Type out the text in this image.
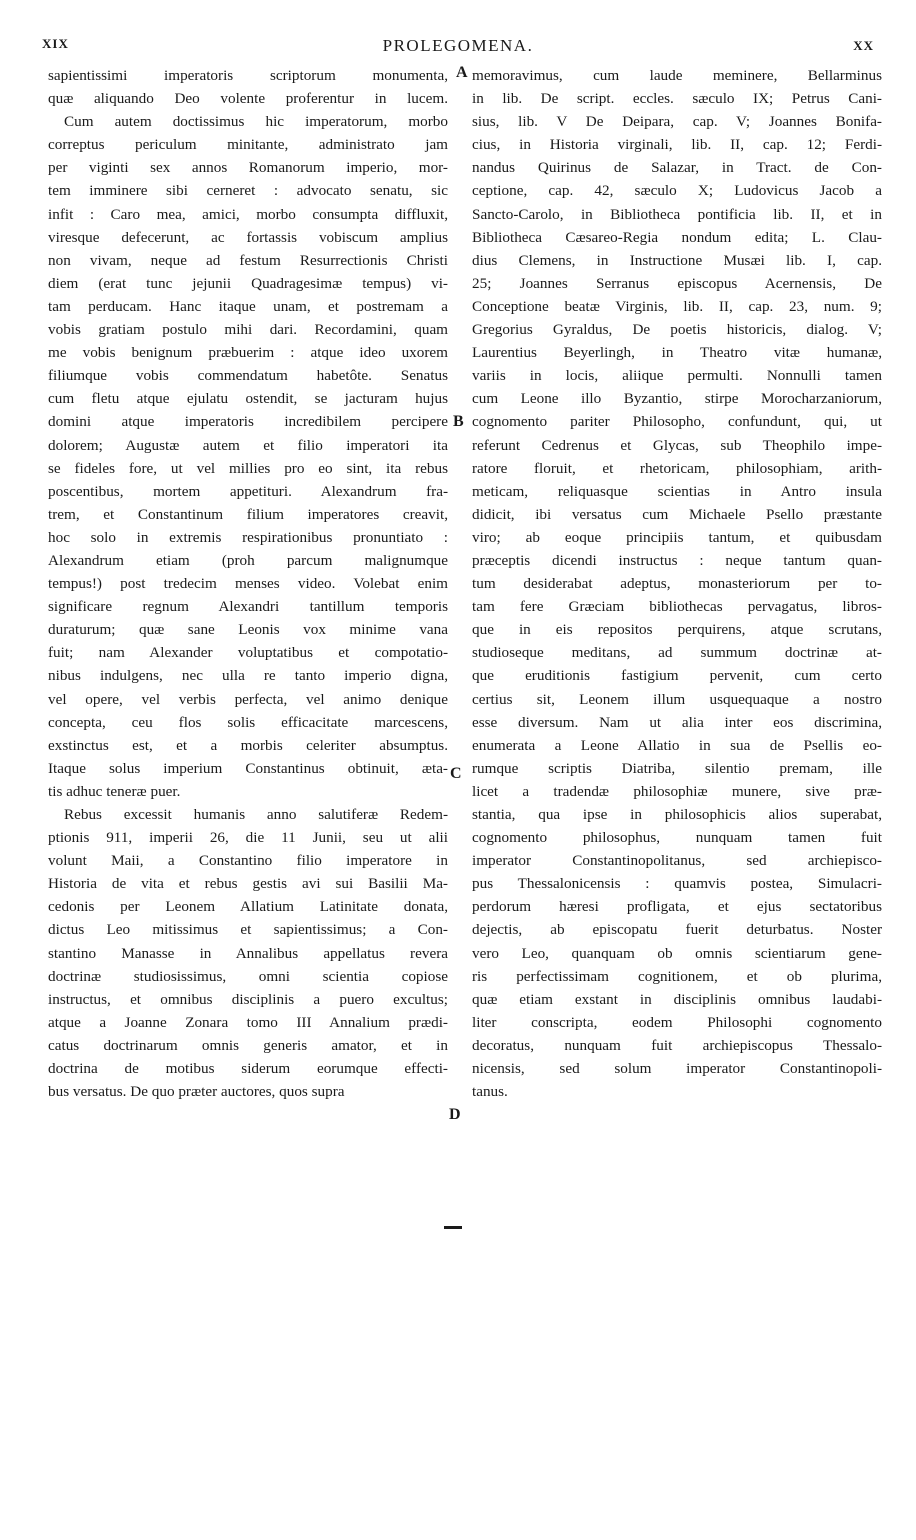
XIX	PROLEGOMENA.	XX
sapientissimi imperatoris scriptorum monumenta,
quæ aliquando Deo volente proferentur in lucem.
Cum autem doctissimus hic imperatorum, morbo
correptus periculum minitante, administrato jam
per viginti sex annos Romanorum imperio, mor-
tem imminere sibi cerneret : advocato senatu, sic
infit : Caro mea, amici, morbo consumpta diffluxit,
viresque defecerunt, ac fortassis vobiscum amplius
non vivam, neque ad festum Resurrectionis Christi
diem (erat tunc jejunii Quadragesimæ tempus) vi-
tam perducam. Hanc itaque unam, et postremam a
vobis gratiam postulo mihi dari. Recordamini, quam
me vobis benignum præbuerim : atque ideo uxorem
filiumque vobis commendatum habetôte. Senatus
cum fletu atque ejulatu ostendit, se jacturam hujus
domini atque imperatoris incredibilem percipere
dolorem; Augustæ autem et filio imperatori ita
se fideles fore, ut vel millies pro eo sint, ita rebus
poscentibus, mortem appetituri. Alexandrum fra-
trem, et Constantinum filium imperatores creavit,
hoc solo in extremis respirationibus pronuntiato :
Alexandrum etiam (proh parcum malignumque
tempus!) post tredecim menses video. Volebat enim
significare regnum Alexandri tantillum temporis
duraturum; quæ sane Leonis vox minime vana
fuit; nam Alexander voluptatibus et compotatio-
nibus indulgens, nec ulla re tanto imperio digna,
vel opere, vel verbis perfecta, vel animo denique
concepta, ceu flos solis efficacitate marcescens,
exstinctus est, et a morbis celeriter absumptus.
Itaque solus imperium Constantinus obtinuit, æta-
tis adhuc teneræ puer.
Rebus excessit humanis anno salutiferæ Redem-
ptionis 911, imperii 26, die 11 Junii, seu ut alii
volunt Maii, a Constantino filio imperatore in
Historia de vita et rebus gestis avi sui Basilii Ma-
cedonis per Leonem Allatium Latinitate donata,
dictus Leo mitissimus et sapientissimus; a Con-
stantino Manasse in Annalibus appellatus revera
doctrinæ studiosissimus, omni scientia copiose
instructus, et omnibus disciplinis a puero excultus;
atque a Joanne Zonara tomo III Annalium prædi-
catus doctrinarum omnis generis amator, et in
doctrina de motibus siderum eorumque effecti-
bus versatus. De quo præter auctores, quos supra
memoravimus, cum laude meminere, Bellarminus
in lib. De script. eccles. sæculo IX; Petrus Cani-
sius, lib. V De Deipara, cap. V; Joannes Bonifa-
cius, in Historia virginali, lib. II, cap. 12; Ferdi-
nandus Quirinus de Salazar, in Tract. de Con-
ceptione, cap. 42, sæculo X; Ludovicus Jacob a
Sancto-Carolo, in Bibliotheca pontificia lib. II, et in
Bibliotheca Cæsareo-Regia nondum edita; L. Clau-
dius Clemens, in Instructione Musæi lib. I, cap.
25; Joannes Serranus episcopus Acernensis, De
Conceptione beatæ Virginis, lib. II, cap. 23, num. 9;
Gregorius Gyraldus, De poetis historicis, dialog. V;
Laurentius Beyerlingh, in Theatro vitæ humanæ,
variis in locis, aliique permulti. Nonnulli tamen
cum Leone illo Byzantio, stirpe Morocharzaniorum,
cognomento pariter Philosopho, confundunt, qui, ut
referunt Cedrenus et Glycas, sub Theophilo impe-
ratore floruit, et rhetoricam, philosophiam, arith-
meticam, reliquasque scientias in Antro insula
didicit, ibi versatus cum Michaele Psello præstante
viro; ab eoque principiis tantum, et quibusdam
præceptis dicendi instructus : neque tantum quan-
tum desiderabat adeptus, monasteriorum per to-
tam fere Græciam bibliothecas pervagatus, libros-
que in eis repositos perquirens, atque scrutans,
studioseque meditans, ad summum doctrinæ at-
que eruditionis fastigium pervenit, cum certo
certius sit, Leonem illum usquequaque a nostro
esse diversum. Nam ut alia inter eos discrimina,
enumerata a Leone Allatio in sua de Psellis eo-
rumque scriptis Diatriba, silentio premam, ille
licet a tradendæ philosophiæ munere, sive præ-
stantia, qua ipse in philosophicis alios superabat,
cognomento philosophus, nunquam tamen fuit
imperator Constantinopolitanus, sed archiepisco-
pus Thessalonicensis : quamvis postea, Simulacri-
perdorum hæresi profligata, et ejus sectatoribus
dejectis, ab episcopatu fuerit deturbatus. Noster
vero Leo, quanquam ob omnis scientiarum gene-
ris perfectissimam cognitionem, et ob plurima,
quæ etiam exstant in disciplinis omnibus laudabi-
liter conscripta, eodem Philosophi cognomento
decoratus, nunquam fuit archiepiscopus Thessalo-
nicensis, sed solum imperator Constantinopoli-
tanus.
A
B
C
D
